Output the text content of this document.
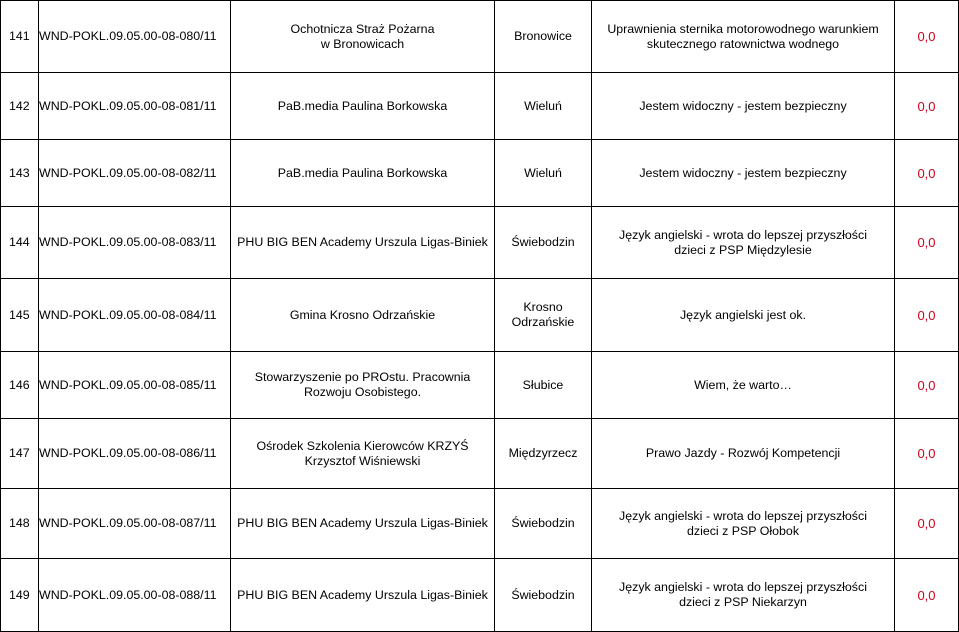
141	WND-POKL.09.05.00-08-080/11	Ochotnicza Straż Pożarna
w Bronowicach	Bronowice	Uprawnienia sternika motorowodnego warunkiem
skutecznego ratownictwa wodnego	0,0
142	WND-POKL.09.05.00-08-081/11	PaB.media Paulina Borkowska	Wieluń	Jestem widoczny - jestem bezpieczny	0,0
143	WND-POKL.09.05.00-08-082/11	PaB.media Paulina Borkowska	Wieluń	Jestem widoczny - jestem bezpieczny	0,0
144	WND-POKL.09.05.00-08-083/11	PHU BIG BEN Academy Urszula Ligas-Biniek	Świebodzin	Język angielski - wrota do lepszej przyszłości
dzieci z PSP Międzylesie	0,0
145	WND-POKL.09.05.00-08-084/11	Gmina Krosno Odrzańskie	Krosno
Odrzańskie	Język angielski jest ok.	0,0
146	WND-POKL.09.05.00-08-085/11	Stowarzyszenie po PROstu. Pracownia
Rozwoju Osobistego.	Słubice	Wiem, że warto…	0,0
147	WND-POKL.09.05.00-08-086/11	Ośrodek Szkolenia Kierowców KRZYŚ
Krzysztof Wiśniewski	Międzyrzecz	Prawo Jazdy - Rozwój Kompetencji	0,0
148	WND-POKL.09.05.00-08-087/11	PHU BIG BEN Academy Urszula Ligas-Biniek	Świebodzin	Język angielski - wrota do lepszej przyszłości
dzieci z PSP Ołobok	0,0
149	WND-POKL.09.05.00-08-088/11	PHU BIG BEN Academy Urszula Ligas-Biniek	Świebodzin	Język angielski - wrota do lepszej przyszłości
dzieci z PSP Niekarzyn	0,0
